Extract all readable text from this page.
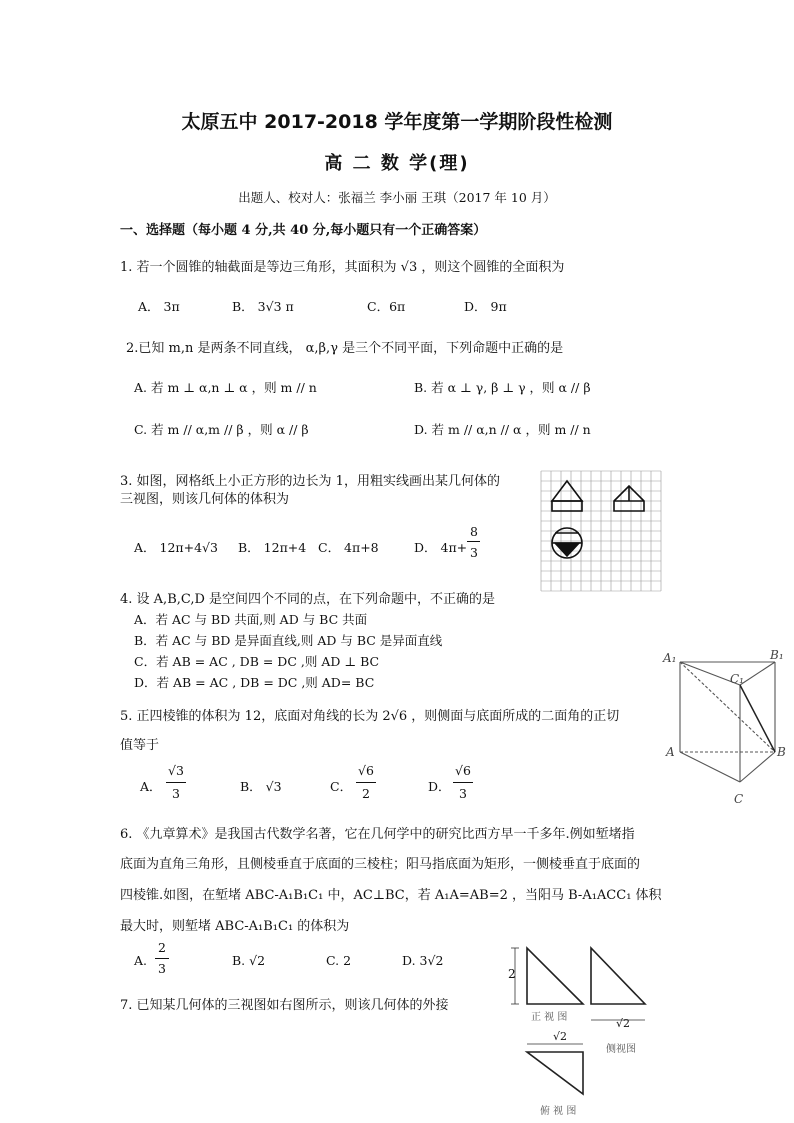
太原五中 2017-2018 学年度第一学期阶段性检测
高 二 数 学(理)
出题人、校对人：张福兰 李小丽 王琪（2017 年 10 月）
一、选择题（每小题 4 分,共 40 分,每小题只有一个正确答案）
1. 若一个圆锥的轴截面是等边三角形，其面积为 √3 ，则这个圆锥的全面积为
A． 3π	B． 3√3 π	C．6π	D． 9π
2.已知 m,n 是两条不同直线， α,β,γ 是三个不同平面，下列命题中正确的是
A. 若 m ⊥ α,n ⊥ α ，则 m // n	B. 若 α ⊥ γ, β ⊥ γ ，则 α // β
C. 若 m // α,m // β ，则 α // β	D. 若 m // α,n // α ，则 m // n
3. 如图，网格纸上小正方形的边长为 1，用粗实线画出某几何体的
三视图，则该几何体的体积为
A． 12π+4√3 B． 12π+4 C． 4π+8	D． 4π+
8
3
4. 设 A,B,C,D 是空间四个不同的点，在下列命题中，不正确的是
A．若 AC 与 BD 共面,则 AD 与 BC 共面
B．若 AC 与 BD 是异面直线,则 AD 与 BC 是异面直线
C．若 AB = AC , DB = DC ,则 AD ⊥ BC
D．若 AB = AC , DB = DC ,则 AD= BC
A₁	B₁
C₁
A	B
C
5. 正四棱锥的体积为 12，底面对角线的长为 2√6 ，则侧面与底面所成的二面角的正切
值等于
A．
√3
3	B． √3	C．
√6
2	D．
√6
3
6. 《九章算术》是我国古代数学名著，它在几何学中的研究比西方早一千多年.例如堑堵指
底面为直角三角形，且侧棱垂直于底面的三棱柱；阳马指底面为矩形，一侧棱垂直于底面的
四棱锥.如图，在堑堵 ABC-A₁B₁C₁ 中，AC⊥BC，若 A₁A=AB=2 ，当阳马 B-A₁ACC₁ 体积
最大时，则堑堵 ABC-A₁B₁C₁ 的体积为
A.
2
3
B. √2	C. 2	D. 3√2
7. 已知某几何体的三视图如右图所示，则该几何体的外接
2
正 视 图	√2
侧视图
√2
俯 视 图
